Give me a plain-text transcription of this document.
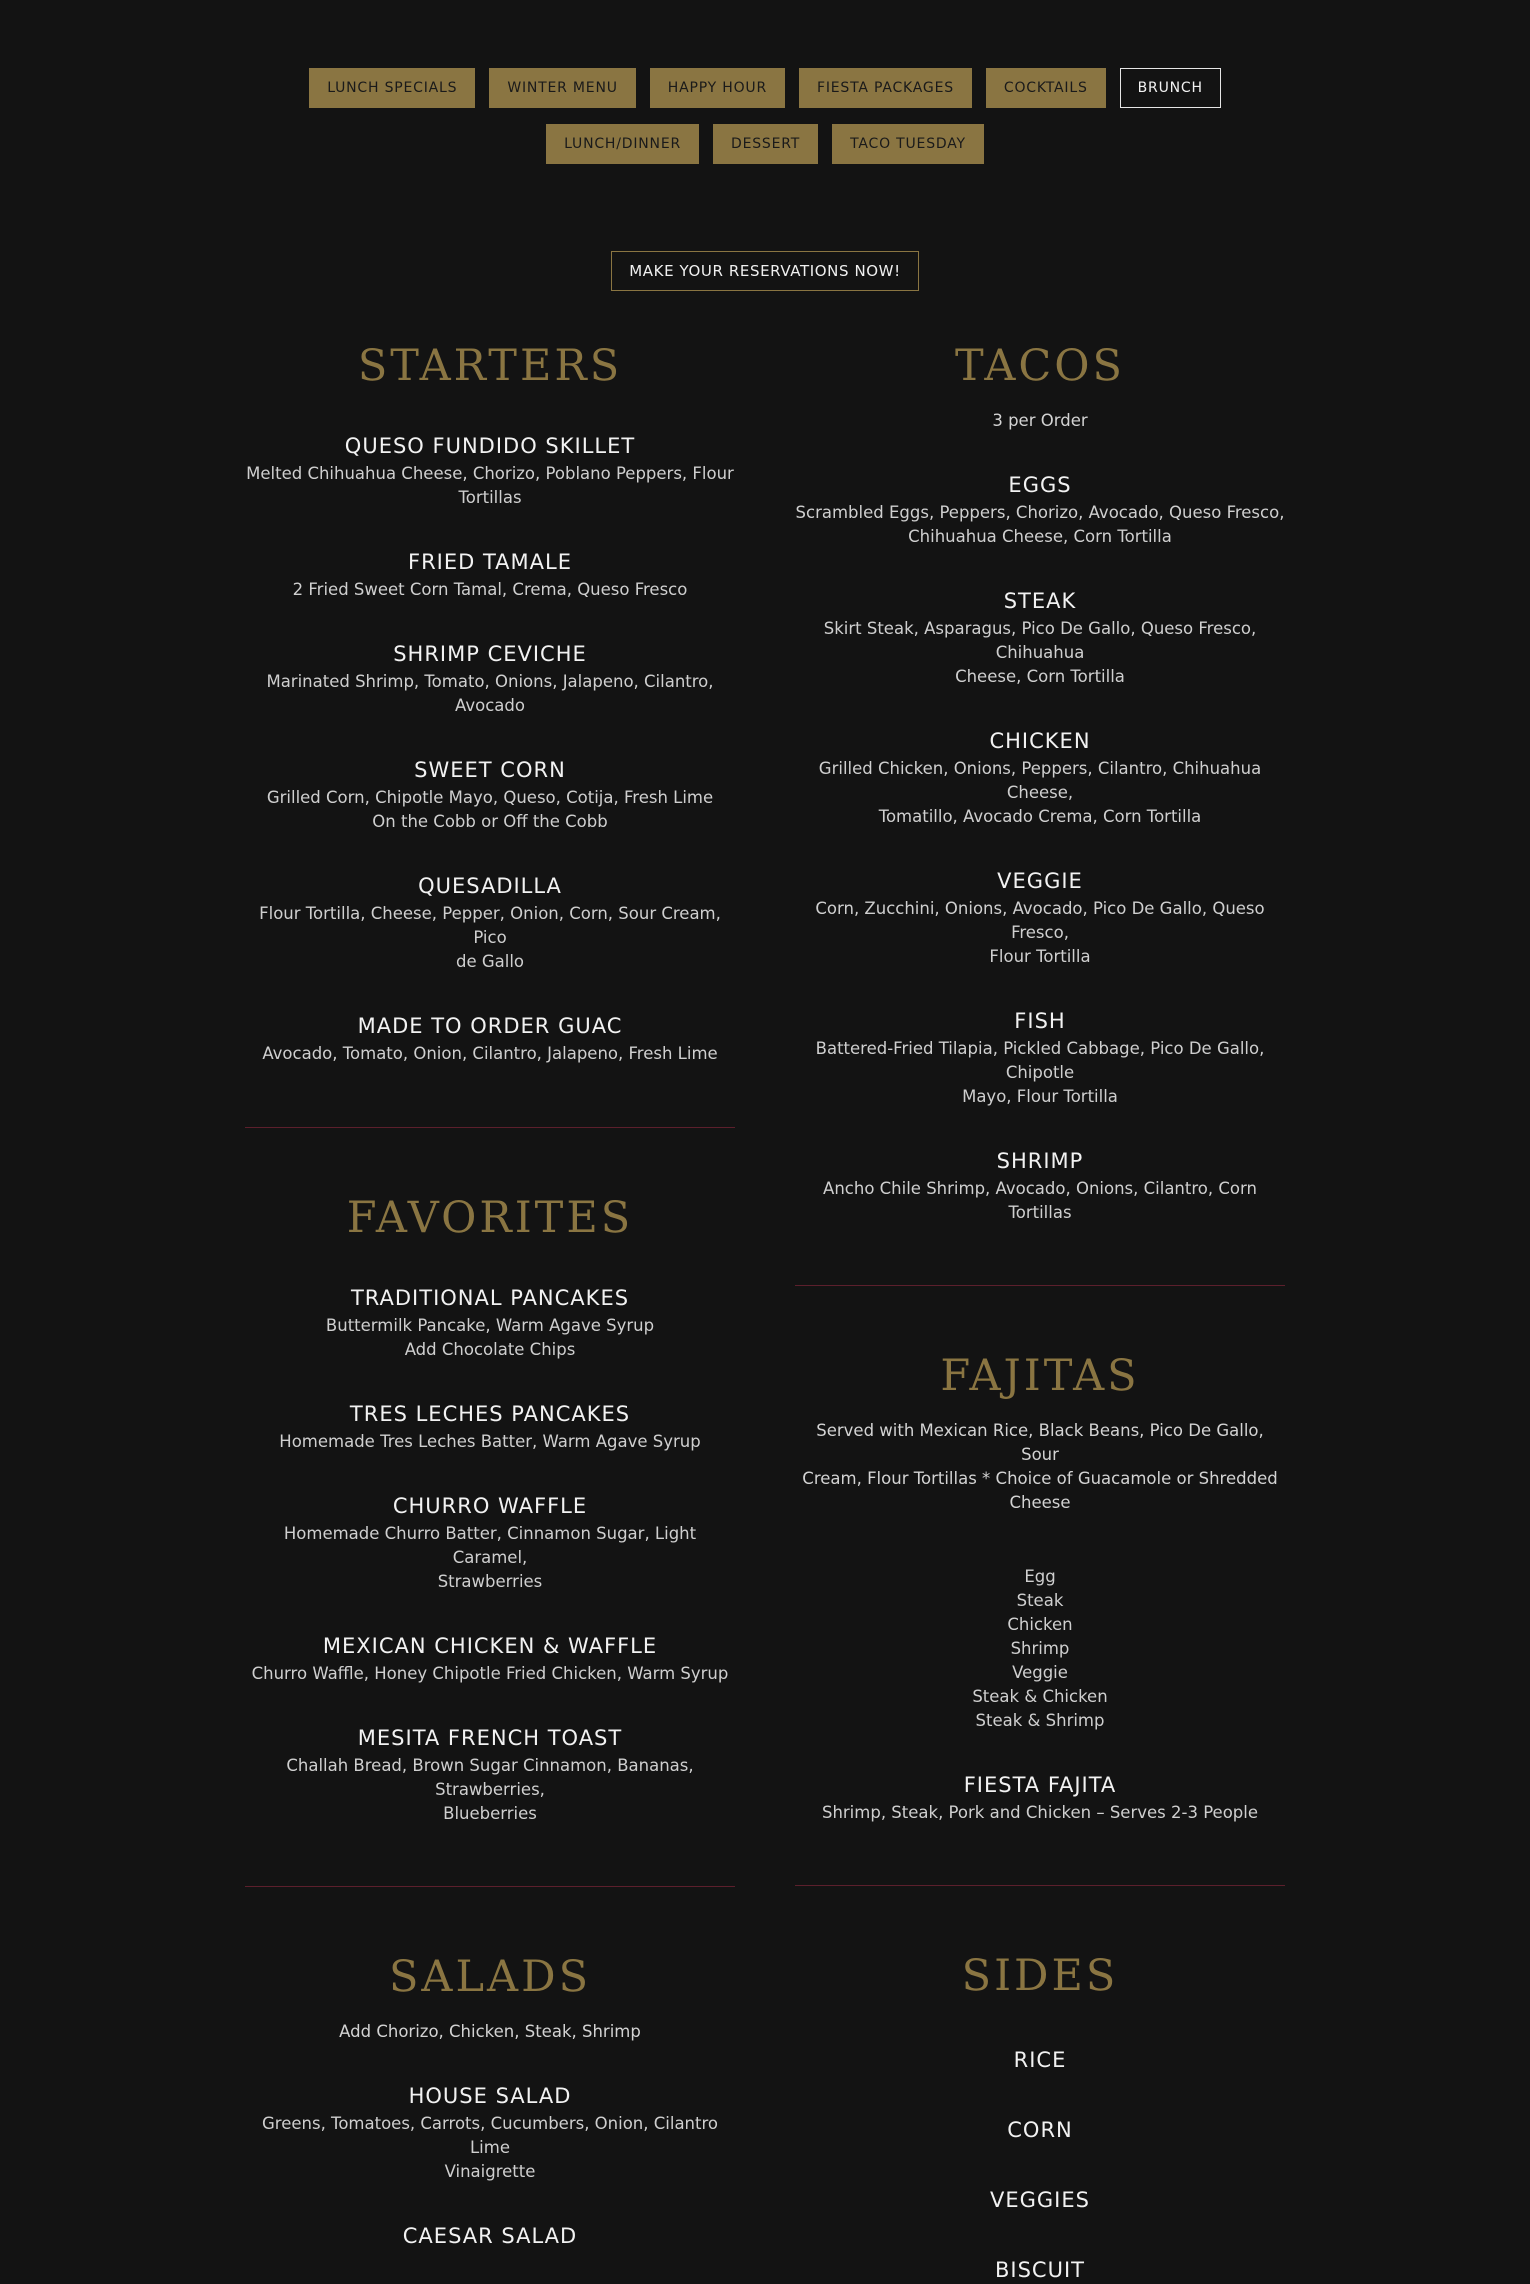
LUNCH SPECIALS	WINTER MENU	HAPPY HOUR	FIESTA PACKAGES	COCKTAILS	BRUNCH
LUNCH/DINNER	DESSERT	TACO TUESDAY
MAKE YOUR RESERVATIONS NOW!
STARTERS
QUESO FUNDIDO SKILLET
Melted Chihuahua Cheese, Chorizo, Poblano Peppers, Flour
Tortillas
FRIED TAMALE
2 Fried Sweet Corn Tamal, Crema, Queso Fresco
SHRIMP CEVICHE
Marinated Shrimp, Tomato, Onions, Jalapeno, Cilantro, Avocado
SWEET CORN
Grilled Corn, Chipotle Mayo, Queso, Cotija, Fresh Lime
On the Cobb or Off the Cobb
QUESADILLA
Flour Tortilla, Cheese, Pepper, Onion, Corn, Sour Cream, Pico
de Gallo
MADE TO ORDER GUAC
Avocado, Tomato, Onion, Cilantro, Jalapeno, Fresh Lime
FAVORITES
TRADITIONAL PANCAKES
Buttermilk Pancake, Warm Agave Syrup
Add Chocolate Chips
TRES LECHES PANCAKES
Homemade Tres Leches Batter, Warm Agave Syrup
CHURRO WAFFLE
Homemade Churro Batter, Cinnamon Sugar, Light Caramel,
Strawberries
MEXICAN CHICKEN & WAFFLE
Churro Waffle, Honey Chipotle Fried Chicken, Warm Syrup
MESITA FRENCH TOAST
Challah Bread, Brown Sugar Cinnamon, Bananas, Strawberries,
Blueberries
SALADS
Add Chorizo, Chicken, Steak, Shrimp
HOUSE SALAD
Greens, Tomatoes, Carrots, Cucumbers, Onion, Cilantro Lime
Vinaigrette
CAESAR SALAD
TACOS
3 per Order
EGGS
Scrambled Eggs, Peppers, Chorizo, Avocado, Queso Fresco,
Chihuahua Cheese, Corn Tortilla
STEAK
Skirt Steak, Asparagus, Pico De Gallo, Queso Fresco, Chihuahua
Cheese, Corn Tortilla
CHICKEN
Grilled Chicken, Onions, Peppers, Cilantro, Chihuahua Cheese,
Tomatillo, Avocado Crema, Corn Tortilla
VEGGIE
Corn, Zucchini, Onions, Avocado, Pico De Gallo, Queso Fresco,
Flour Tortilla
FISH
Battered-Fried Tilapia, Pickled Cabbage, Pico De Gallo, Chipotle
Mayo, Flour Tortilla
SHRIMP
Ancho Chile Shrimp, Avocado, Onions, Cilantro, Corn Tortillas
FAJITAS
Served with Mexican Rice, Black Beans, Pico De Gallo, Sour
Cream, Flour Tortillas * Choice of Guacamole or Shredded
Cheese
Egg
Steak
Chicken
Shrimp
Veggie
Steak & Chicken
Steak & Shrimp
FIESTA FAJITA
Shrimp, Steak, Pork and Chicken – Serves 2-3 People
SIDES
RICE
CORN
VEGGIES
BISCUIT
